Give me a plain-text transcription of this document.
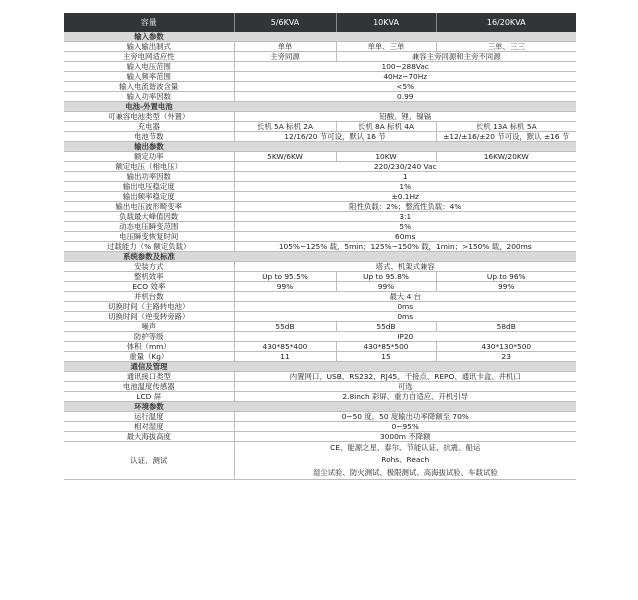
容量	5/6KVA	10KVA	16/20KVA
输入参数			
输入输出制式	单单	单单、三单	三单、三三
主旁电网适应性	主旁同源	兼容主旁同源和主旁不同源	
输入电压范围	100~288Vac		
输入频率范围	40Hz~70Hz		
输入电流谐波含量	<5%		
输入功率因数	0.99		
电池-外置电池			
可兼容电池类型（外置）	铅酸、锂、镍镉		
充电器	长机 5A 标机 2A	长机 8A 标机 4A	长机 13A 标机 5A
电池节数	12/16/20 节可设，默认 16 节		±12/±16/±20 节可设，默认 ±16 节
输出参数			
额定功率	5KW/6KW	10KW	16KW/20KW
额定电压（相电压）	220/230/240 Vac		
输出功率因数	1		
输出电压稳定度	1%		
输出频率稳定度	±0.1Hz		
输出电压波形畸变率	阻性负载：2%；整流性负载：4%		
负载最大峰值因数	3:1		
动态电压瞬变范围	5%		
电压瞬变恢复时间	60ms		
过载能力（% 额定负载）	105%~125% 载，5min；125%~150% 载，1min；>150% 载，200ms		
系统参数及标准			
安装方式	塔式、机架式兼容		
整机效率	Up to 95.5%	Up to 95.8%	Up to 96%
ECO 效率	99%	99%	99%
并机台数	最大 4 台		
切换时间（主路转电池）	0ms		
切换时间（逆变转旁路）	0ms		
噪声	55dB	55dB	58dB
防护等级	IP20		
体积（mm）	430*85*400	430*85*500	430*130*500
重量（Kg）	11	15	23
通信及管理			
通讯接口类型	内置网口、USB、RS232、RJ45、干接点、REPO、通讯卡盒、并机口		
电池温度传感器	可选		
LCD 屏	2.8inch 彩屏、重力自适应、开机引导		
环境参数			
运行温度	0~50 度，50 度输出功率降额至 70%		
相对湿度	0~95%		
最大海拔高度	3000m 不降额		
认证、测试	CE、能源之星、泰尔、节能认证、抗震、船运
Rohs、Reach
湿尘试验、防火测试、极限测试、高海拔试验、车载试验		
